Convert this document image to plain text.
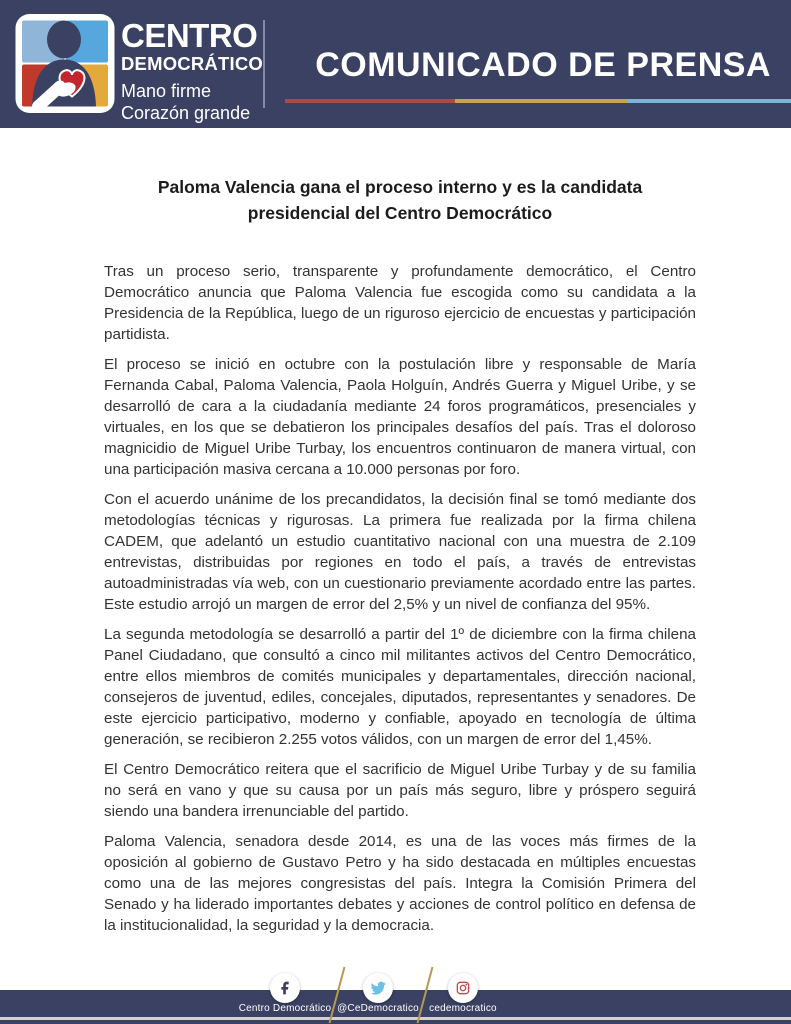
CENTRO
DEMOCRÁTICO
Mano firme
Corazón grande
COMUNICADO DE PRENSA
Paloma Valencia gana el proceso interno y es la candidata presidencial del Centro Democrático

Tras un proceso serio, transparente y profundamente democrático, el Centro Democrático anuncia que Paloma Valencia fue escogida como su candidata a la Presidencia de la República, luego de un riguroso ejercicio de encuestas y participación partidista.

El proceso se inició en octubre con la postulación libre y responsable de María Fernanda Cabal, Paloma Valencia, Paola Holguín, Andrés Guerra y Miguel Uribe, y se desarrolló de cara a la ciudadanía mediante 24 foros programáticos, presenciales y virtuales, en los que se debatieron los principales desafíos del país. Tras el doloroso magnicidio de Miguel Uribe Turbay, los encuentros continuaron de manera virtual, con una participación masiva cercana a 10.000 personas por foro.

Con el acuerdo unánime de los precandidatos, la decisión final se tomó mediante dos metodologías técnicas y rigurosas. La primera fue realizada por la firma chilena CADEM, que adelantó un estudio cuantitativo nacional con una muestra de 2.109 entrevistas, distribuidas por regiones en todo el país, a través de entrevistas autoadministradas vía web, con un cuestionario previamente acordado entre las partes. Este estudio arrojó un margen de error del 2,5% y un nivel de confianza del 95%.

La segunda metodología se desarrolló a partir del 1º de diciembre con la firma chilena Panel Ciudadano, que consultó a cinco mil militantes activos del Centro Democrático, entre ellos miembros de comités municipales y departamentales, dirección nacional, consejeros de juventud, ediles, concejales, diputados, representantes y senadores. De este ejercicio participativo, moderno y confiable, apoyado en tecnología de última generación, se recibieron 2.255 votos válidos, con un margen de error del 1,45%.

El Centro Democrático reitera que el sacrificio de Miguel Uribe Turbay y de su familia no será en vano y que su causa por un país más seguro, libre y próspero seguirá siendo una bandera irrenunciable del partido.

Paloma Valencia, senadora desde 2014, es una de las voces más firmes de la oposición al gobierno de Gustavo Petro y ha sido destacada en múltiples encuestas como una de las mejores congresistas del país. Integra la Comisión Primera del Senado y ha liderado importantes debates y acciones de control político en defensa de la institucionalidad, la seguridad y la democracia.

Centro Democrático @CeDemocratico	cedemocratico
